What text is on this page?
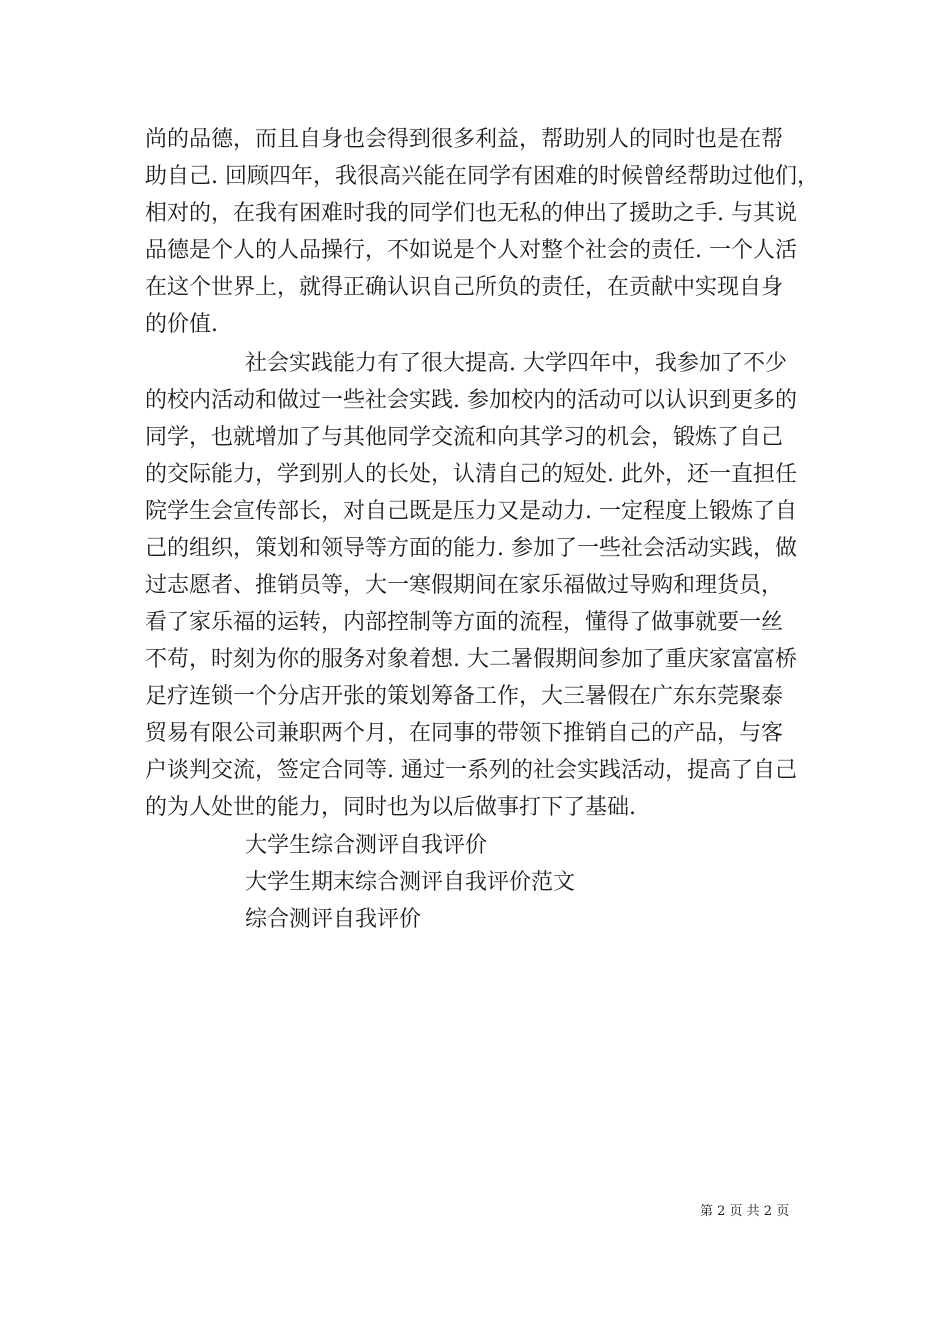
尚的品德，而且自身也会得到很多利益，帮助别人的同时也是在帮
助自己. 回顾四年，我很高兴能在同学有困难的时候曾经帮助过他们，
相对的，在我有困难时我的同学们也无私的伸出了援助之手. 与其说
品德是个人的人品操行，不如说是个人对整个社会的责任. 一个人活
在这个世界上，就得正确认识自己所负的责任，在贡献中实现自身
的价值.
社会实践能力有了很大提高. 大学四年中，我参加了不少
的校内活动和做过一些社会实践. 参加校内的活动可以认识到更多的
同学，也就增加了与其他同学交流和向其学习的机会，锻炼了自己
的交际能力，学到别人的长处，认清自己的短处. 此外，还一直担任
院学生会宣传部长，对自己既是压力又是动力. 一定程度上锻炼了自
己的组织，策划和领导等方面的能力. 参加了一些社会活动实践，做
过志愿者、推销员等，大一寒假期间在家乐福做过导购和理货员，
看了家乐福的运转，内部控制等方面的流程，懂得了做事就要一丝
不苟，时刻为你的服务对象着想. 大二暑假期间参加了重庆家富富桥
足疗连锁一个分店开张的策划筹备工作，大三暑假在广东东莞聚泰
贸易有限公司兼职两个月，在同事的带领下推销自己的产品，与客
户谈判交流，签定合同等. 通过一系列的社会实践活动，提高了自己
的为人处世的能力，同时也为以后做事打下了基础.
大学生综合测评自我评价
大学生期末综合测评自我评价范文
综合测评自我评价
第 2 页 共 2 页
